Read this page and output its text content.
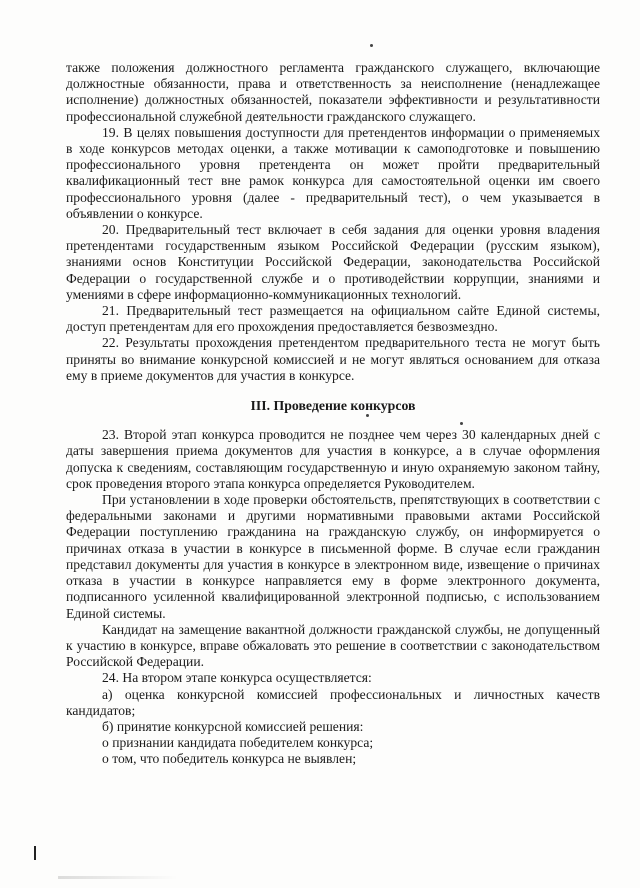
также положения должностного регламента гражданского служащего, включающие должностные обязанности, права и ответственность за неисполнение (ненадлежащее исполнение) должностных обязанностей, показатели эффективности и результативности профессиональной служебной деятельности гражданского служащего.

19. В целях повышения доступности для претендентов информации о применяемых в ходе конкурсов методах оценки, а также мотивации к самоподготовке и повышению профессионального уровня претендента он может пройти предварительный квалификационный тест вне рамок конкурса для самостоятельной оценки им своего профессионального уровня (далее - предварительный тест), о чем указывается в объявлении о конкурсе.

20. Предварительный тест включает в себя задания для оценки уровня владения претендентами государственным языком Российской Федерации (русским языком), знаниями основ Конституции Российской Федерации, законодательства Российской Федерации о государственной службе и о противодействии коррупции, знаниями и умениями в сфере информационно-коммуникационных технологий.

21. Предварительный тест размещается на официальном сайте Единой системы, доступ претендентам для его прохождения предоставляется безвозмездно.

22. Результаты прохождения претендентом предварительного теста не могут быть приняты во внимание конкурсной комиссией и не могут являться основанием для отказа ему в приеме документов для участия в конкурсе.

III. Проведение конкурсов

23. Второй этап конкурса проводится не позднее чем через 30 календарных дней с даты завершения приема документов для участия в конкурсе, а в случае оформления допуска к сведениям, составляющим государственную и иную охраняемую законом тайну, срок проведения второго этапа конкурса определяется Руководителем.

При установлении в ходе проверки обстоятельств, препятствующих в соответствии с федеральными законами и другими нормативными правовыми актами Российской Федерации поступлению гражданина на гражданскую службу, он информируется о причинах отказа в участии в конкурсе в письменной форме. В случае если гражданин представил документы для участия в конкурсе в электронном виде, извещение о причинах отказа в участии в конкурсе направляется ему в форме электронного документа, подписанного усиленной квалифицированной электронной подписью, с использованием Единой системы.

Кандидат на замещение вакантной должности гражданской службы, не допущенный к участию в конкурсе, вправе обжаловать это решение в соответствии с законодательством Российской Федерации.

24. На втором этапе конкурса осуществляется:

а) оценка конкурсной комиссией профессиональных и личностных качеств кандидатов;

б) принятие конкурсной комиссией решения:

о признании кандидата победителем конкурса;

о том, что победитель конкурса не выявлен;
